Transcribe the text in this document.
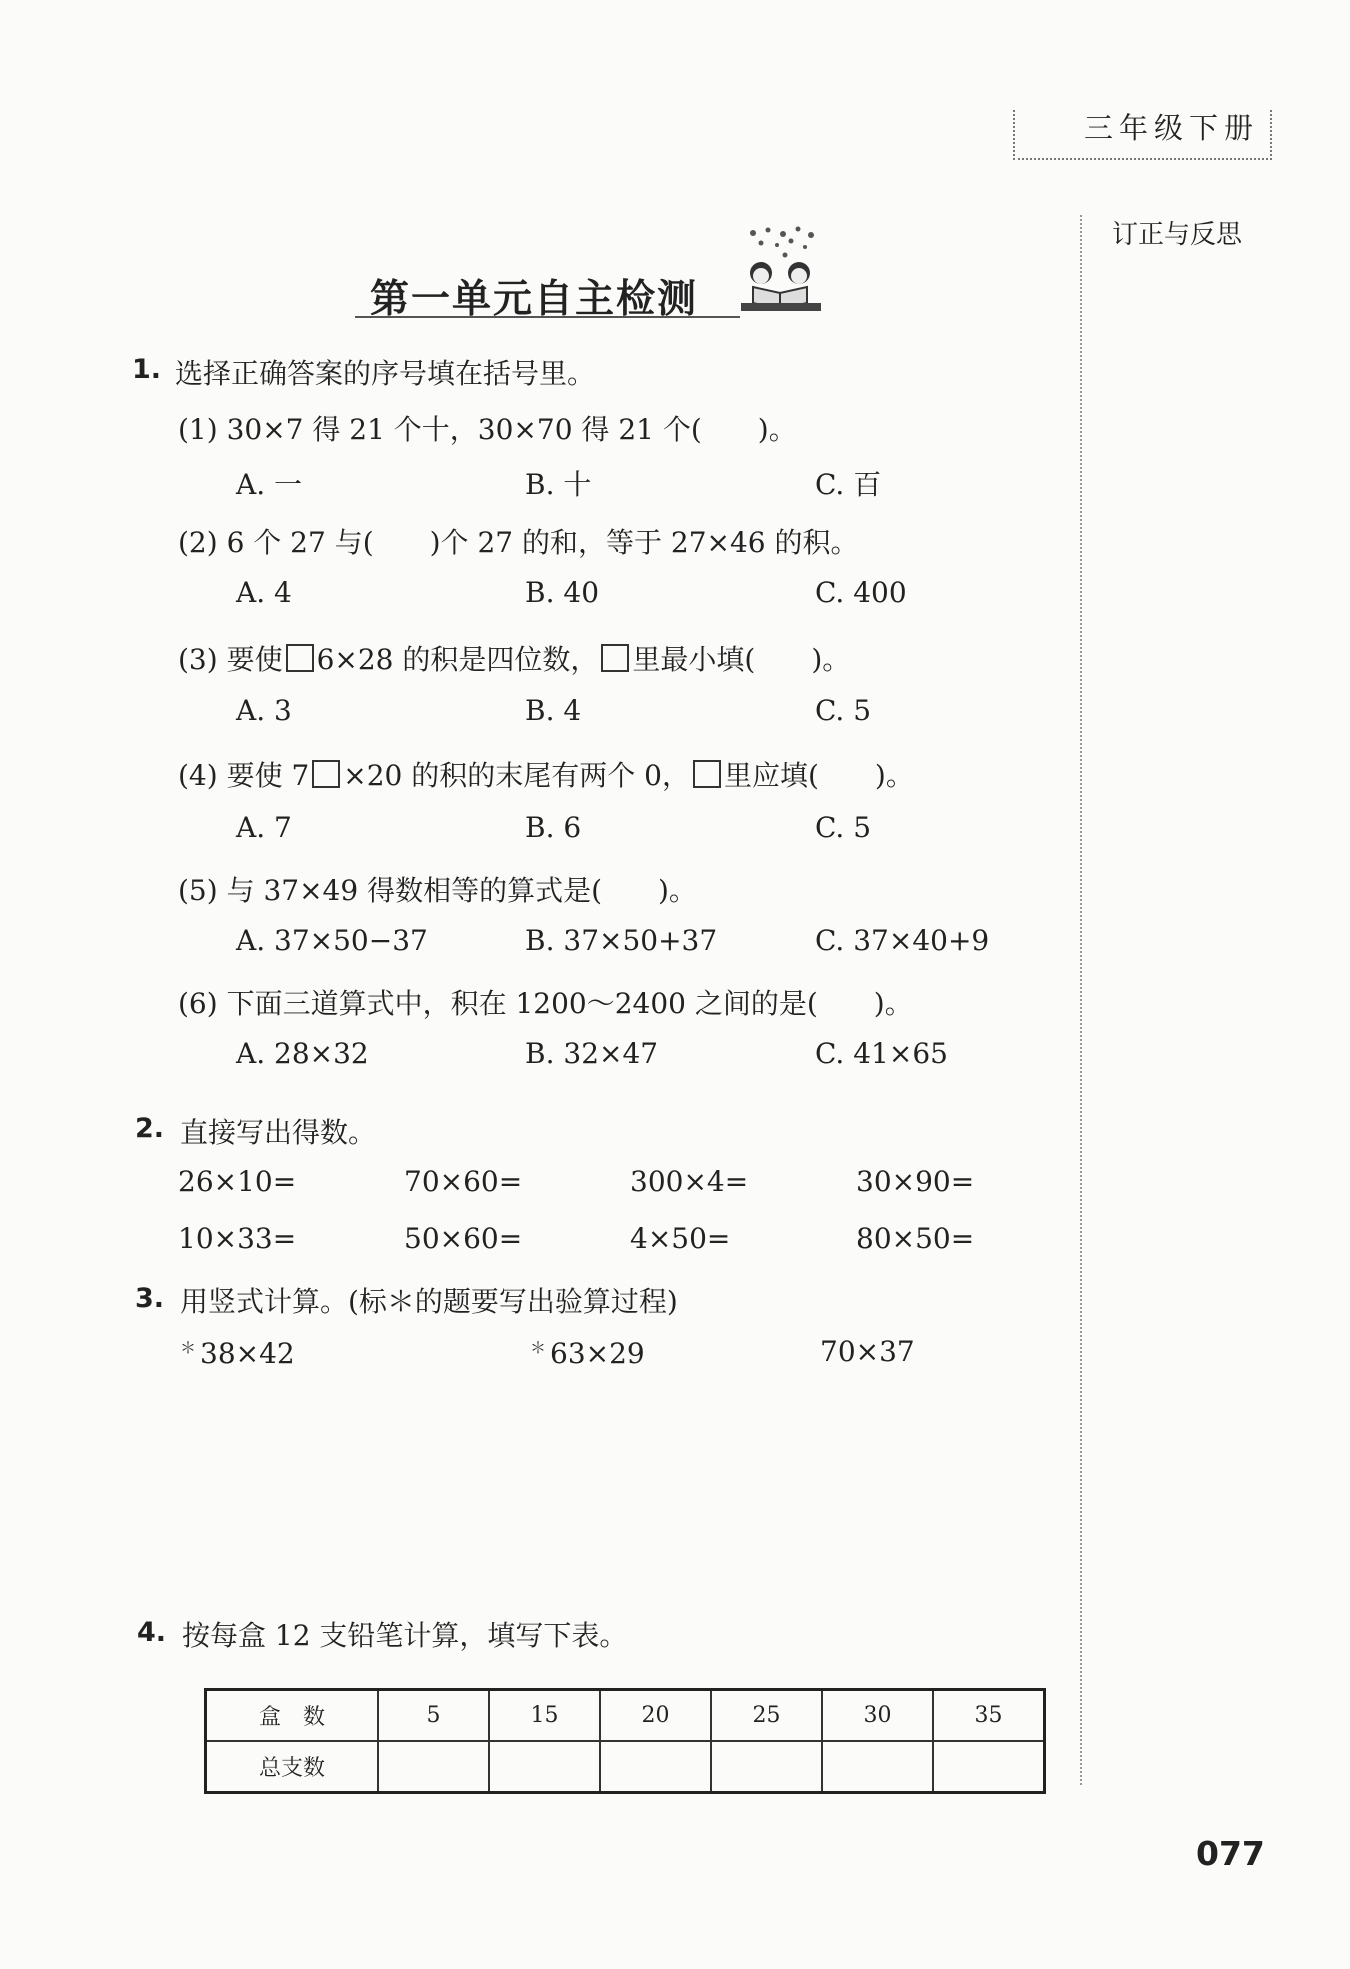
三年级下册
订正与反思
第一单元自主检测
1. 选择正确答案的序号填在括号里。
(1) 30×7 得 21 个十，30×70 得 21 个(　　)。
A. 一	B. 十	C. 百
(2) 6 个 27 与(　　)个 27 的和，等于 27×46 的积。
A. 4	B. 40	C. 400
(3) 要使 6×28 的积是四位数， 里最小填(　　)。
A. 3	B. 4	C. 5
(4) 要使 7 ×20 的积的末尾有两个 0， 里应填(　　)。
A. 7	B. 6	C. 5
(5) 与 37×49 得数相等的算式是(　　)。
A. 37×50−37	B. 37×50+37	C. 37×40+9
(6) 下面三道算式中，积在 1200～2400 之间的是(　　)。
A. 28×32	B. 32×47	C. 41×65
2. 直接写出得数。
26×10=	70×60=	300×4=	30×90=
10×33=	50×60=	4×50=	80×50=
3. 用竖式计算。(标＊的题要写出验算过程)
＊ 38×42	＊ 63×29	70×37
4. 按每盒 12 支铅笔计算，填写下表。
盒　数	5	15	20	25	30	35
总支数						
077
